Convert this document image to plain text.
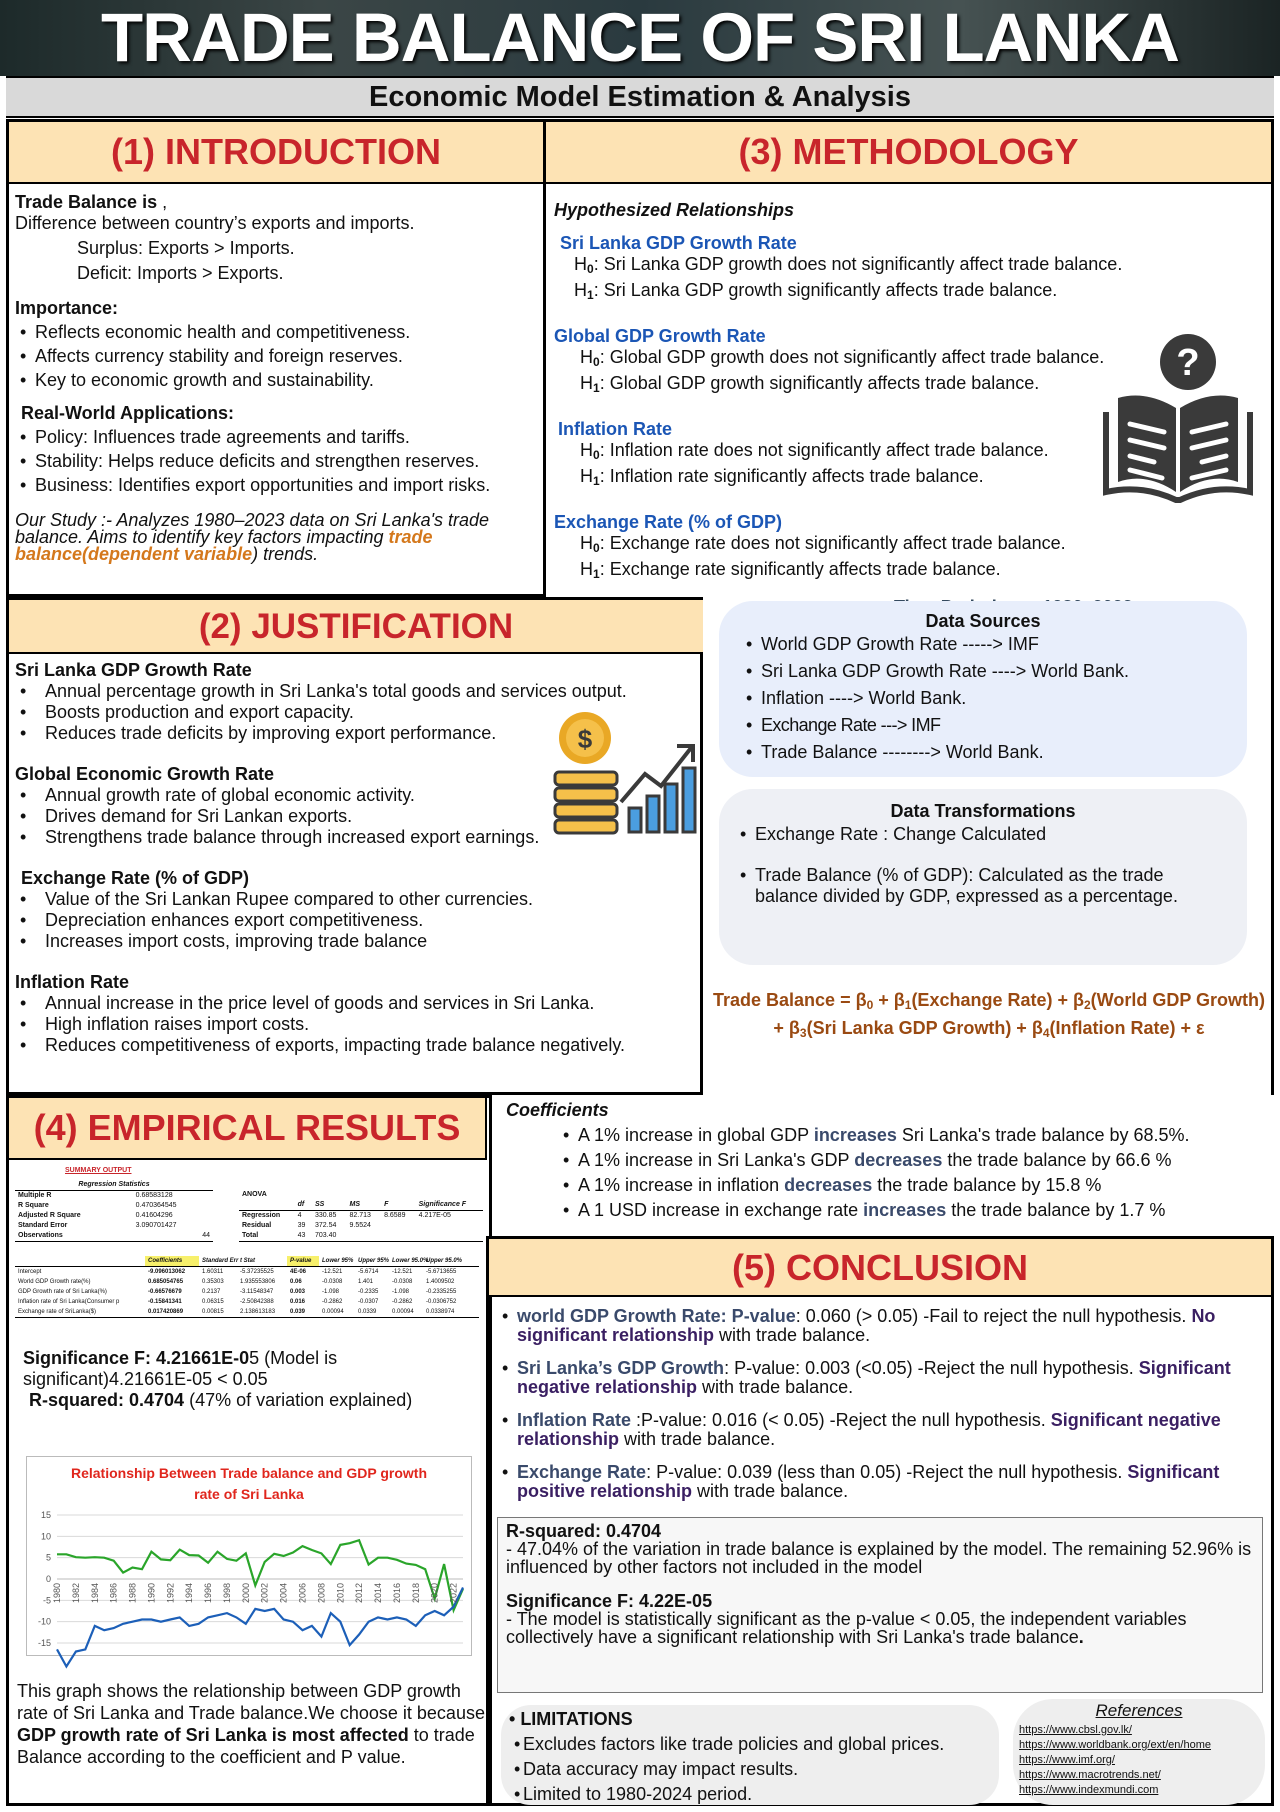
TRADE BALANCE OF SRI LANKA
Economic Model Estimation & Analysis
(1) INTRODUCTION
Trade Balance is ,
Difference between country’s exports and imports.
Surplus: Exports > Imports.
Deficit: Imports > Exports.
Importance:
• Reflects economic health and competitiveness.
• Affects currency stability and foreign reserves.
• Key to economic growth and sustainability.
Real-World Applications:
• Policy: Influences trade agreements and tariffs.
• Stability: Helps reduce deficits and strengthen reserves.
• Business: Identifies export opportunities and import risks.
Our Study :- Analyzes 1980–2023 data on Sri Lanka's trade balance. Aims to identify key factors impacting trade balance(dependent variable) trends.
(3) METHODOLOGY
Hypothesized Relationships
Sri Lanka GDP Growth Rate
$H_0$: Sri Lanka GDP growth does not significantly affect trade balance.
$H_1$: Sri Lanka GDP growth significantly affects trade balance.
Global GDP Growth Rate
$H_0$: Global GDP growth does not significantly affect trade balance.
$H_1$: Global GDP growth significantly affects trade balance.
Inflation Rate
$H_0$: Inflation rate does not significantly affect trade balance.
$H_1$: Inflation rate significantly affects trade balance.
Exchange Rate (% of GDP)
$H_0$: Exchange rate does not significantly affect trade balance.
$H_1$: Exchange rate significantly affects trade balance.

?
(2) JUSTIFICATION
Sri Lanka GDP Growth Rate
• Annual percentage growth in Sri Lanka's total goods and services output.
• Boosts production and export capacity.
• Reduces trade deficits by improving export performance.
Global Economic Growth Rate
• Annual growth rate of global economic activity.
• Drives demand for Sri Lankan exports.
• Strengthens trade balance through increased export earnings.
Exchange Rate (% of GDP)
• Value of the Sri Lankan Rupee compared to other currencies.
• Depreciation enhances export competitiveness.
• Increases import costs, improving trade balance
Inflation Rate
• Annual increase in the price level of goods and services in Sri Lanka.
• High inflation raises import costs.
• Reduces competitiveness of exports, impacting trade balance negatively.
$
Data Sources
• World GDP Growth Rate -----> IMF
• Sri Lanka GDP Growth Rate ----> World Bank.
• Inflation ----> World Bank.
• Exchange Rate ---> IMF
• Trade Balance --------> World Bank.
Data Transformations
• Exchange Rate : Change Calculated
• Trade Balance (% of GDP): Calculated as the trade balance divided by GDP, expressed as a percentage.
Trade Balance = $\beta_0$ + $\beta_1(Exchange$ Rate) + $\beta_2(World$ GDP Growth) + $\beta_3(Sri$ Lanka GDP Growth) + $\beta_4(Inflation$ Rate) + ε
(4) EMPIRICAL RESULTS
SUMMARY OUTPUT
Regression Statistics	
Multiple R	0.68583128
R Square	0.470364545
Adjusted R Square	0.41604296
Standard Error	3.090701427
Observations	44
ANOVA					
	df	SS	MS	F	Significance F
Regression	4	330.85	82.713	8.6589	4.217E-05
Residual	39	372.54	9.5524		
Total	43	703.40			
	Coefficients	Standard Err	t Stat	P-value	Lower 95%	Upper 95%	Lower 95.0%	Upper 95.0%
Intercept	-9.096013062	1.60311	-5.37235525	4E-06	-12.521	-5.6714	-12.521	-5.6713655
World GDP Growth rate(%)	0.685054765	0.35303	1.935553806	0.06	-0.0308	1.401	-0.0308	1.4009502
GDP Growth rate of Sri Lanka(%)	-0.66576679	0.2137	-3.11548347	0.003	-1.098	-0.2335	-1.098	-0.2335255
Inflation rate of Sri Lanka(Consumer p	-0.15841341	0.06315	-2.50842388	0.016	-0.2862	-0.0307	-0.2862	-0.0306752
Exchange rate of SriLanka($)	0.017420869	0.00815	2.138613183	0.039	0.00094	0.0339	0.00094	0.0338974
Significance F: 4.21661E-05 (Model is significant)4.21661E-05 < 0.05
R-squared: 0.4704 (47% of variation explained)
Relationship Between Trade balance and GDP growth rate of Sri Lanka
15
10
5
0
-5
-10
-15
1980 1982 1984 1986 1988 1990 1992 1994 1996 1998 2000 2002 2004 2006 2008 2010 2012 2014 2016 2018 2020 2022
This graph shows the relationship between GDP growth rate of Sri Lanka and Trade balance.We choose it because GDP growth rate of Sri Lanka is most affected to trade Balance according to the coefficient and P value.
Coefficients
• A 1% increase in global GDP increases Sri Lanka's trade balance by 68.5%.
• A 1% increase in Sri Lanka's GDP decreases the trade balance by 66.6 %
• A 1% increase in inflation decreases the trade balance by 15.8 %
• A 1 USD increase in exchange rate increases the trade balance by 1.7 %
(5) CONCLUSION
• world GDP Growth Rate: P-value: 0.060 (> 0.05) -Fail to reject the null hypothesis. No significant relationship with trade balance.
• Sri Lanka’s GDP Growth: P-value: 0.003 (<0.05) -Reject the null hypothesis. Significant negative relationship with trade balance.
• Inflation Rate :P-value: 0.016 (< 0.05) -Reject the null hypothesis. Significant negative relationship with trade balance.
• Exchange Rate: P-value: 0.039 (less than 0.05) -Reject the null hypothesis. Significant positive relationship with trade balance.
R-squared: 0.4704
- 47.04% of the variation in trade balance is explained by the model. The remaining 52.96% is influenced by other factors not included in the model
Significance F: 4.22E-05
- The model is statistically significant as the p-value < 0.05, the independent variables collectively have a significant relationship with Sri Lanka's trade balance.
• LIMITATIONS
• Excludes factors like trade policies and global prices.
• Data accuracy may impact results.
• Limited to 1980-2024 period.
References
https://www.cbsl.gov.lk/
https://www.worldbank.org/ext/en/home
https://www.imf.org/
https://www.macrotrends.net/
https://www.indexmundi.com
